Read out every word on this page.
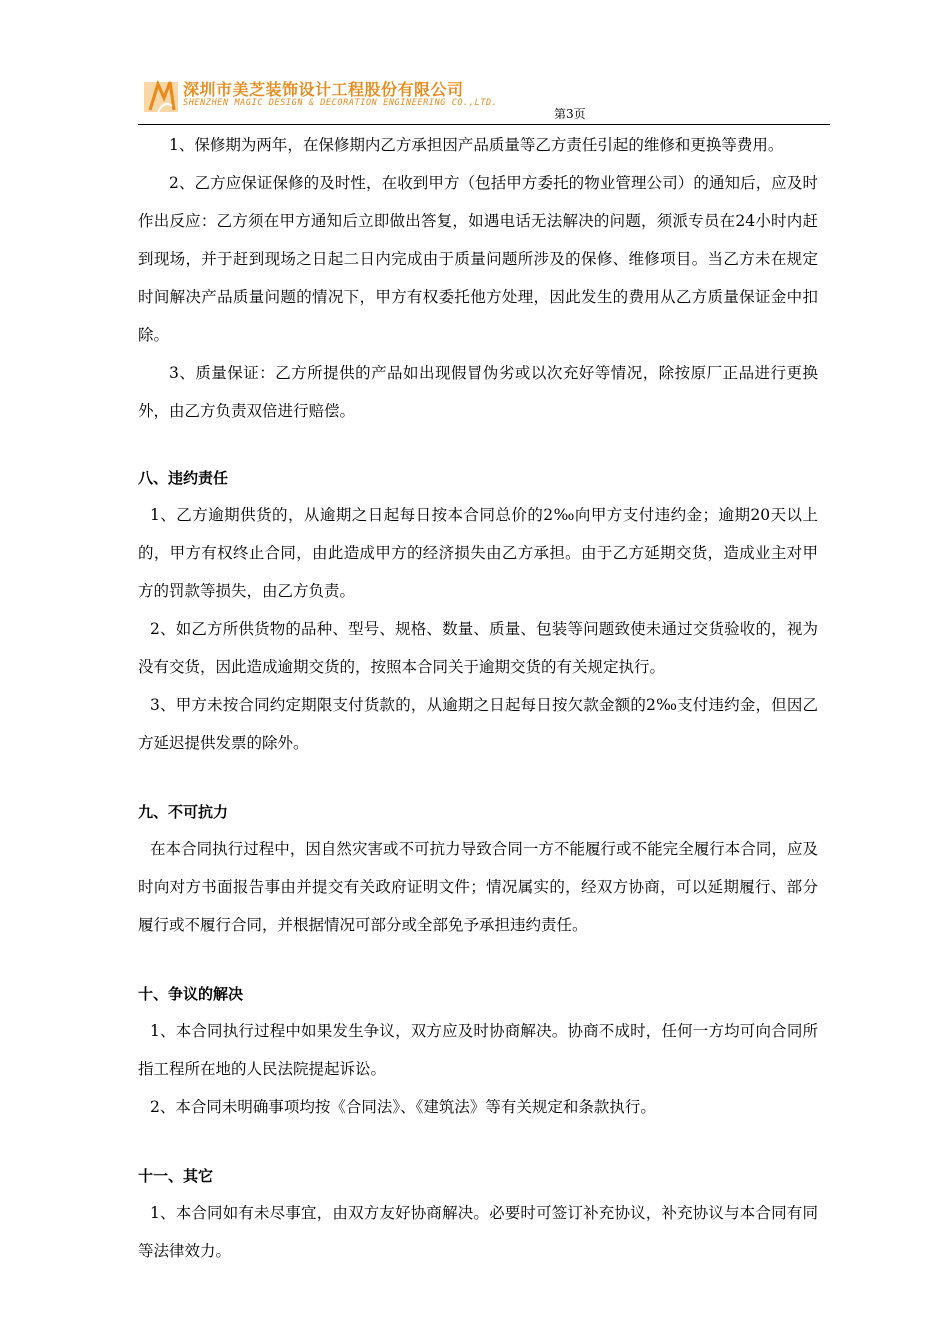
深圳市美芝装饰设计工程股份有限公司
SHENZHEN MAGIC DESIGN & DECORATION ENGINEERING CO.,LTD.
第3页

1、保修期为两年，在保修期内乙方承担因产品质量等乙方责任引起的维修和更换等费用。

2、乙方应保证保修的及时性，在收到甲方（包括甲方委托的物业管理公司）的通知后，应及时作出反应：乙方须在甲方通知后立即做出答复，如遇电话无法解决的问题，须派专员在24小时内赶到现场，并于赶到现场之日起二日内完成由于质量问题所涉及的保修、维修项目。当乙方未在规定时间解决产品质量问题的情况下，甲方有权委托他方处理，因此发生的费用从乙方质量保证金中扣除。

3、质量保证：乙方所提供的产品如出现假冒伪劣或以次充好等情况，除按原厂正品进行更换外，由乙方负责双倍进行赔偿。

八、违约责任

1、乙方逾期供货的，从逾期之日起每日按本合同总价的2‰向甲方支付违约金；逾期20天以上的，甲方有权终止合同，由此造成甲方的经济损失由乙方承担。由于乙方延期交货，造成业主对甲方的罚款等损失，由乙方负责。

2、如乙方所供货物的品种、型号、规格、数量、质量、包装等问题致使未通过交货验收的，视为没有交货，因此造成逾期交货的，按照本合同关于逾期交货的有关规定执行。

3、甲方未按合同约定期限支付货款的，从逾期之日起每日按欠款金额的2‰支付违约金，但因乙方延迟提供发票的除外。

九、不可抗力

在本合同执行过程中，因自然灾害或不可抗力导致合同一方不能履行或不能完全履行本合同，应及时向对方书面报告事由并提交有关政府证明文件；情况属实的，经双方协商，可以延期履行、部分履行或不履行合同，并根据情况可部分或全部免予承担违约责任。

十、争议的解决

1、本合同执行过程中如果发生争议，双方应及时协商解决。协商不成时，任何一方均可向合同所指工程所在地的人民法院提起诉讼。

2、本合同未明确事项均按《合同法》、《建筑法》等有关规定和条款执行。

十一、其它

1、本合同如有未尽事宜，由双方友好协商解决。必要时可签订补充协议，补充协议与本合同有同等法律效力。
